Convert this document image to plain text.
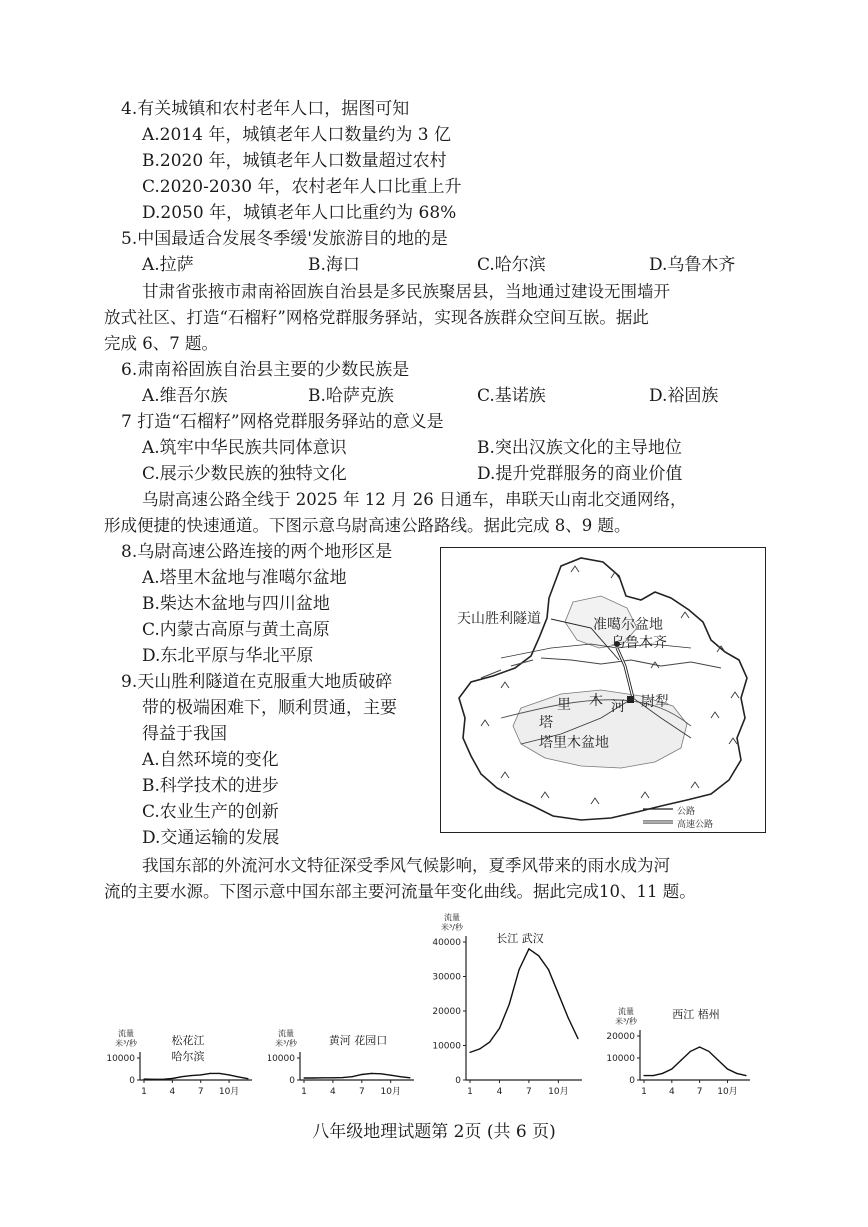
4.有关城镇和农村老年人口，据图可知
A.2014 年，城镇老年人口数量约为 3 亿
B.2020 年，城镇老年人口数量超过农村
C.2020-2030 年，农村老年人口比重上升
D.2050 年，城镇老年人口比重约为 68%
5.中国最适合发展冬季缓'发旅游目的地的是
A.拉萨	B.海口	C.哈尔滨	D.乌鲁木齐
甘肃省张掖市肃南裕固族自治县是多民族聚居县，当地通过建设无围墙开
放式社区、打造“石榴籽”网格党群服务驿站，实现各族群众空间互嵌。据此
完成 6、7 题。
6.肃南裕固族自治县主要的少数民族是
A.维吾尔族	B.哈萨克族	C.基诺族	D.裕固族
7 打造“石榴籽”网格党群服务驿站的意义是
A.筑牢中华民族共同体意识	B.突出汉族文化的主导地位
C.展示少数民族的独特文化	D.提升党群服务的商业价值
乌尉高速公路全线于 2025 年 12 月 26 日通车，串联天山南北交通网络，
形成便捷的快速通道。下图示意乌尉高速公路路线。据此完成 8、9 题。
8.乌尉高速公路连接的两个地形区是
A.塔里木盆地与准噶尔盆地
B.柴达木盆地与四川盆地
C.内蒙古高原与黄土高原
D.东北平原与华北平原
9.天山胜利隧道在克服重大地质破碎
带的极端困难下，顺利贯通，主要
得益于我国
A.自然环境的变化
B.科学技术的进步
C.农业生产的创新
D.交通运输的发展
天山胜利隧道	准噶尔盆地
乌鲁木齐
尉犁
河
木
里
塔
塔里木盆地
公路
高速公路
我国东部的外流河水文特征深受季风气候影响，夏季风带来的雨水成为河
流的主要水源。下图示意中国东部主要河流量年变化曲线。据此完成10、11 题。
10000
0
1	4	7 10月
流量
米³/秒	松花江
哈尔滨	10000
0
1	4	7 10月
流量
米³/秒	黄河 花园口
40000
30000
20000
10000
0
1	4	7 10月
流量
米³/秒
长江 武汉
20000
10000
0
1 4 7 10月
流量
米³/秒
西江 梧州
八年级地理试题第 2页 (共 6 页)
